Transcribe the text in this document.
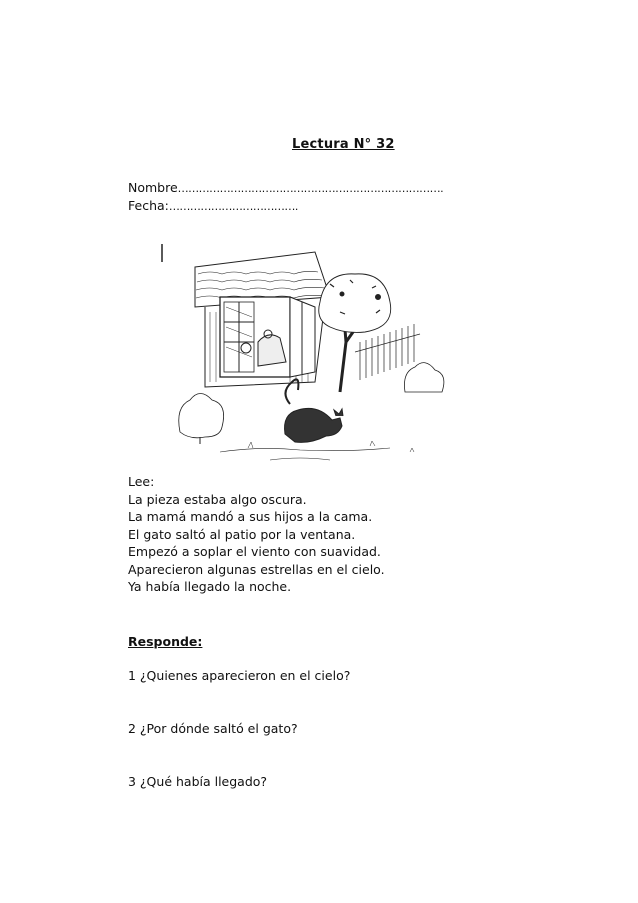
Lectura N° 32
Nombre………………………………………………………………….
Fecha:……………………………….
Lee:
La pieza estaba algo oscura.
La mamá mandó a sus hijos a la cama.
El gato saltó al patio por la ventana.
Empezó a soplar el viento con suavidad.
Aparecieron algunas estrellas en el cielo.
Ya había llegado la noche.
Responde:
1 ¿Quienes aparecieron en el cielo?
2 ¿Por dónde saltó el gato?
3 ¿Qué había llegado?
